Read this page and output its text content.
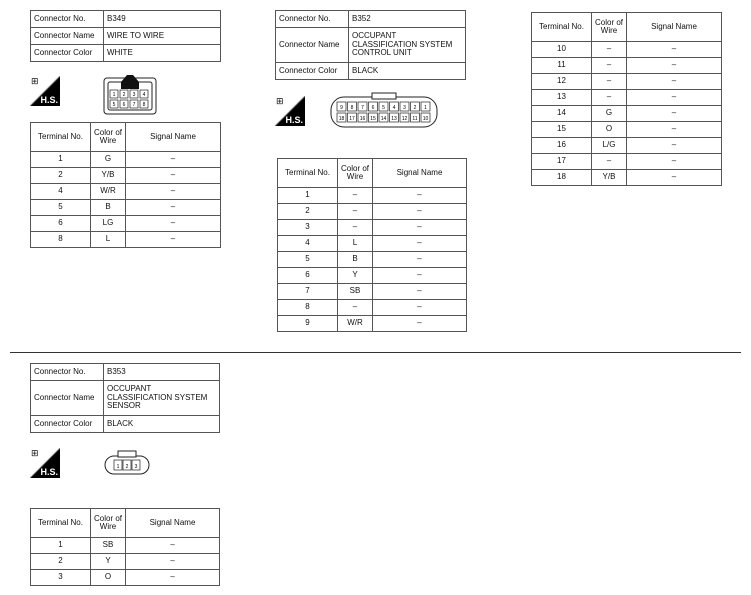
Connector No.	B349
Connector Name	WIRE TO WIRE
Connector Color	WHITE
⊞
H.S.	1 2 3 4
5 6 7 8
Terminal No.	Color of Wire	Signal Name
1	G	–
2	Y/B	–
4	W/R	–
5	B	–
6	LG	–
8	L	–
Connector No.	B352
Connector Name	OCCUPANT CLASSIFICATION SYSTEM CONTROL UNIT
Connector Color	BLACK
⊞
H.S.
9 8 7 6 5 4 3 2 1
18 17 16 15 14 13 12 11 10
Terminal No.	Color of Wire	Signal Name
1	–	–
2	–	–
3	–	–
4	L	–
5	B	–
6	Y	–
7	SB	–
8	–	–
9	W/R	–
Terminal No.	Color of Wire	Signal Name
10	–	–
11	–	–
12	–	–
13	–	–
14	G	–
15	O	–
16	L/G	–
17	–	–
18	Y/B	–
Connector No.	B353
Connector Name	OCCUPANT CLASSIFICATION SYSTEM SENSOR
Connector Color	BLACK
⊞
H.S.	1 2 3
Terminal No.	Color of Wire	Signal Name
1	SB	–
2	Y	–
3	O	–
